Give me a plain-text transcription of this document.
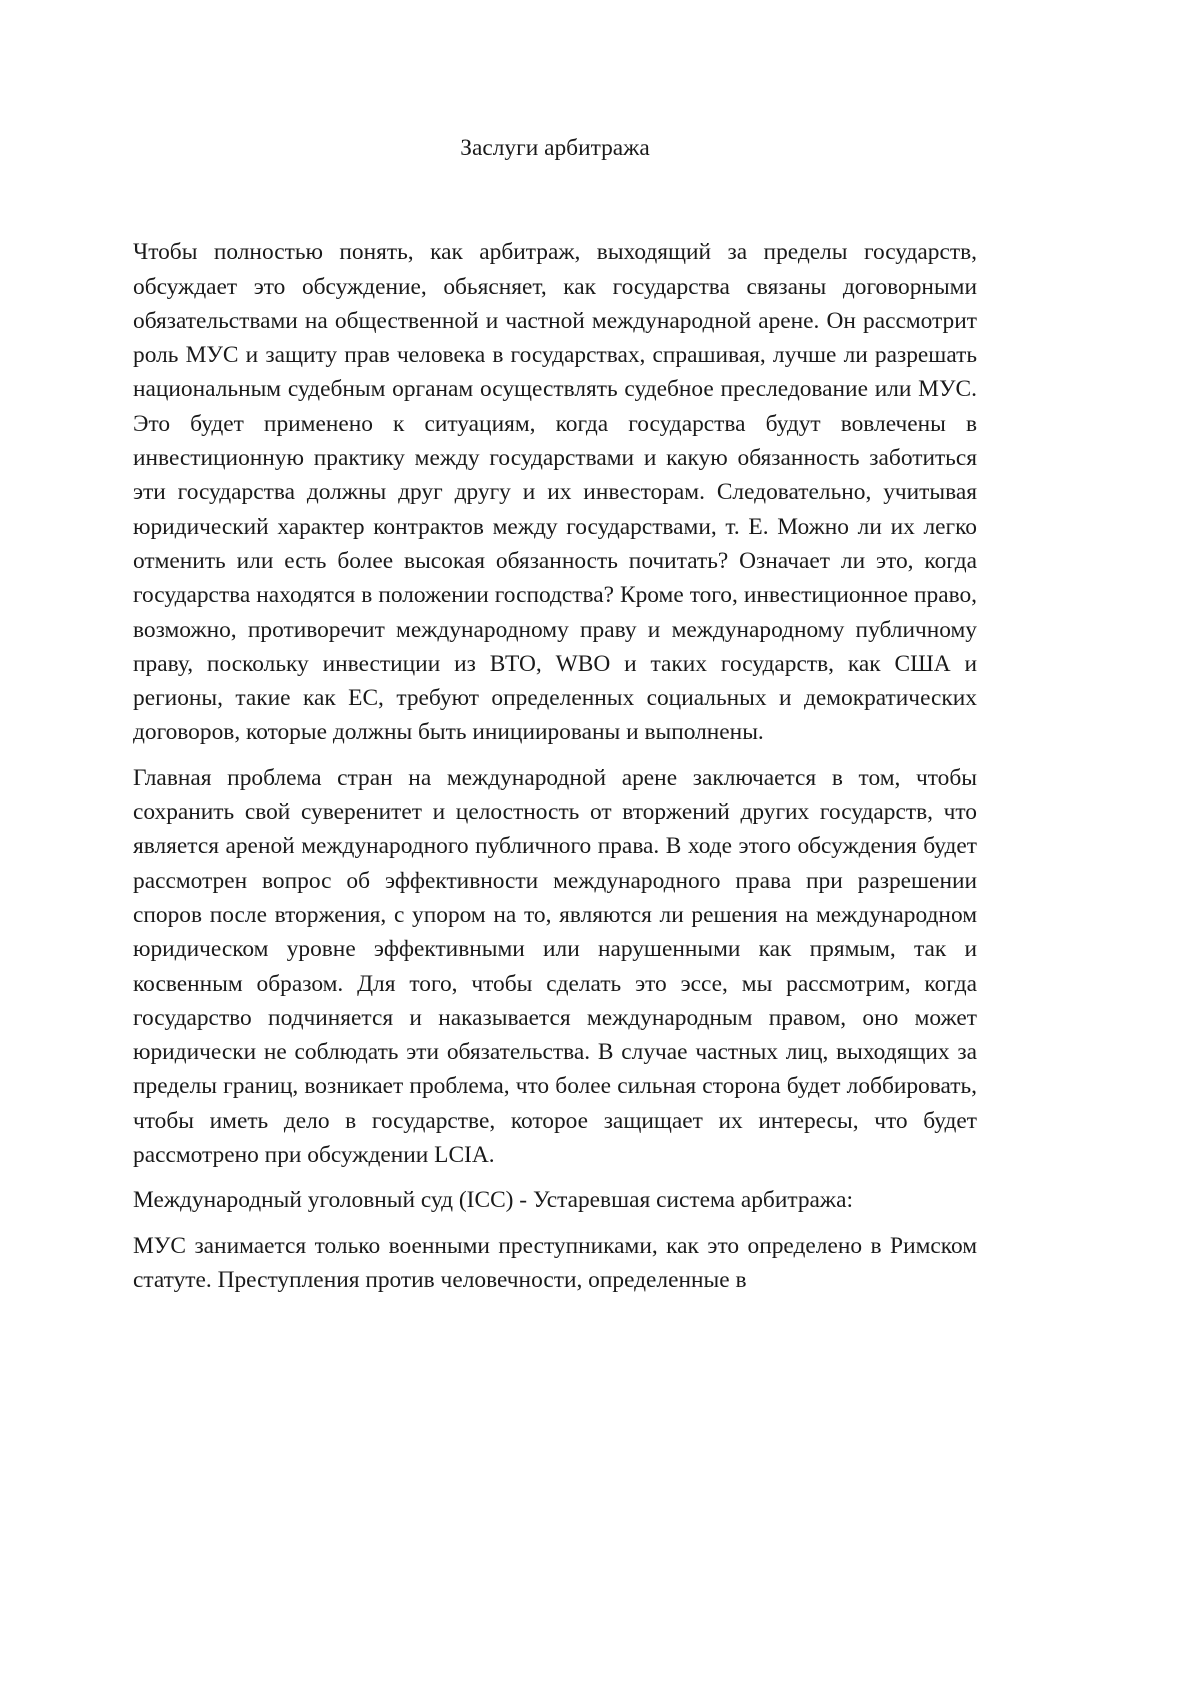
Заслуги арбитража

Чтобы полностью понять, как арбитраж, выходящий за пределы государств, обсуждает это обсуждение, обьясняет, как государства связаны договорными обязательствами на общественной и частной международной арене. Он рассмотрит роль МУС и защиту прав человека в государствах, спрашивая, лучше ли разрешать национальным судебным органам осуществлять судебное преследование или МУС. Это будет применено к ситуациям, когда государства будут вовлечены в инвестиционную практику между государствами и какую обязанность заботиться эти государства должны друг другу и их инвесторам. Следовательно, учитывая юридический характер контрактов между государствами, т. Е. Можно ли их легко отменить или есть более высокая обязанность почитать? Означает ли это, когда государства находятся в положении господства? Кроме того, инвестиционное право, возможно, противоречит международному праву и международному публичному праву, поскольку инвестиции из ВТО, WBO и таких государств, как США и регионы, такие как ЕС, требуют определенных социальных и демократических договоров, которые должны быть инициированы и выполнены.

Главная проблема стран на международной арене заключается в том, чтобы сохранить свой суверенитет и целостность от вторжений других государств, что является ареной международного публичного права. В ходе этого обсуждения будет рассмотрен вопрос об эффективности международного права при разрешении споров после вторжения, с упором на то, являются ли решения на международном юридическом уровне эффективными или нарушенными как прямым, так и косвенным образом. Для того, чтобы сделать это эссе, мы рассмотрим, когда государство подчиняется и наказывается международным правом, оно может юридически не соблюдать эти обязательства. В случае частных лиц, выходящих за пределы границ, возникает проблема, что более сильная сторона будет лоббировать, чтобы иметь дело в государстве, которое защищает их интересы, что будет рассмотрено при обсуждении LCIA.

Международный уголовный суд (ICC) - Устаревшая система арбитража:

МУС занимается только военными преступниками, как это определено в Римском статуте. Преступления против человечности, определенные в
